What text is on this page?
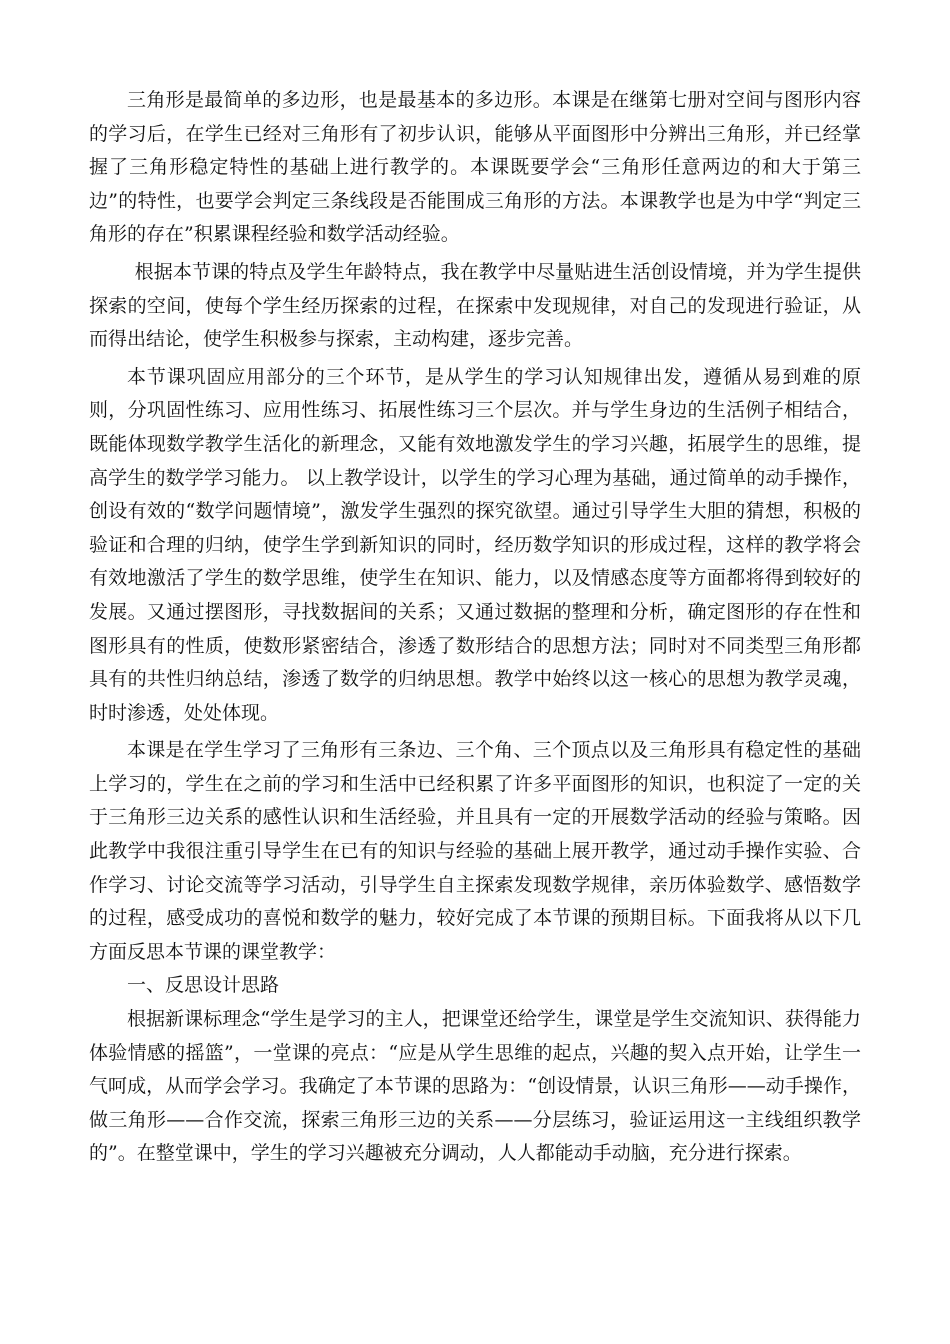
三角形是最简单的多边形，也是最基本的多边形。本课是在继第七册对空间与图形内容的学习后，在学生已经对三角形有了初步认识，能够从平面图形中分辨出三角形，并已经掌握了三角形稳定特性的基础上进行教学的。本课既要学会“三角形任意两边的和大于第三边”的特性，也要学会判定三条线段是否能围成三角形的方法。本课教学也是为中学“判定三角形的存在”积累课程经验和数学活动经验。

根据本节课的特点及学生年龄特点，我在教学中尽量贴进生活创设情境，并为学生提供探索的空间，使每个学生经历探索的过程，在探索中发现规律，对自己的发现进行验证，从而得出结论，使学生积极参与探索，主动构建，逐步完善。

本节课巩固应用部分的三个环节，是从学生的学习认知规律出发，遵循从易到难的原则，分巩固性练习、应用性练习、拓展性练习三个层次。并与学生身边的生活例子相结合，既能体现数学教学生活化的新理念，又能有效地激发学生的学习兴趣，拓展学生的思维，提高学生的数学学习能力。 以上教学设计，以学生的学习心理为基础，通过简单的动手操作，创设有效的“数学问题情境”，激发学生强烈的探究欲望。通过引导学生大胆的猜想，积极的验证和合理的归纳，使学生学到新知识的同时，经历数学知识的形成过程，这样的教学将会有效地激活了学生的数学思维，使学生在知识、能力，以及情感态度等方面都将得到较好的发展。又通过摆图形，寻找数据间的关系；又通过数据的整理和分析，确定图形的存在性和图形具有的性质，使数形紧密结合，渗透了数形结合的思想方法；同时对不同类型三角形都具有的共性归纳总结，渗透了数学的归纳思想。教学中始终以这一核心的思想为教学灵魂，时时渗透，处处体现。

本课是在学生学习了三角形有三条边、三个角、三个顶点以及三角形具有稳定性的基础上学习的，学生在之前的学习和生活中已经积累了许多平面图形的知识，也积淀了一定的关于三角形三边关系的感性认识和生活经验，并且具有一定的开展数学活动的经验与策略。因此教学中我很注重引导学生在已有的知识与经验的基础上展开教学，通过动手操作实验、合作学习、讨论交流等学习活动，引导学生自主探索发现数学规律，亲历体验数学、感悟数学的过程，感受成功的喜悦和数学的魅力，较好完成了本节课的预期目标。下面我将从以下几方面反思本节课的课堂教学：

一、反思设计思路

根据新课标理念“学生是学习的主人，把课堂还给学生，课堂是学生交流知识、获得能力体验情感的摇篮”，一堂课的亮点：“应是从学生思维的起点，兴趣的契入点开始，让学生一气呵成，从而学会学习。我确定了本节课的思路为：“创设情景，认识三角形——动手操作，做三角形——合作交流，探索三角形三边的关系——分层练习，验证运用这一主线组织教学的”。在整堂课中，学生的学习兴趣被充分调动，人人都能动手动脑，充分进行探索。
